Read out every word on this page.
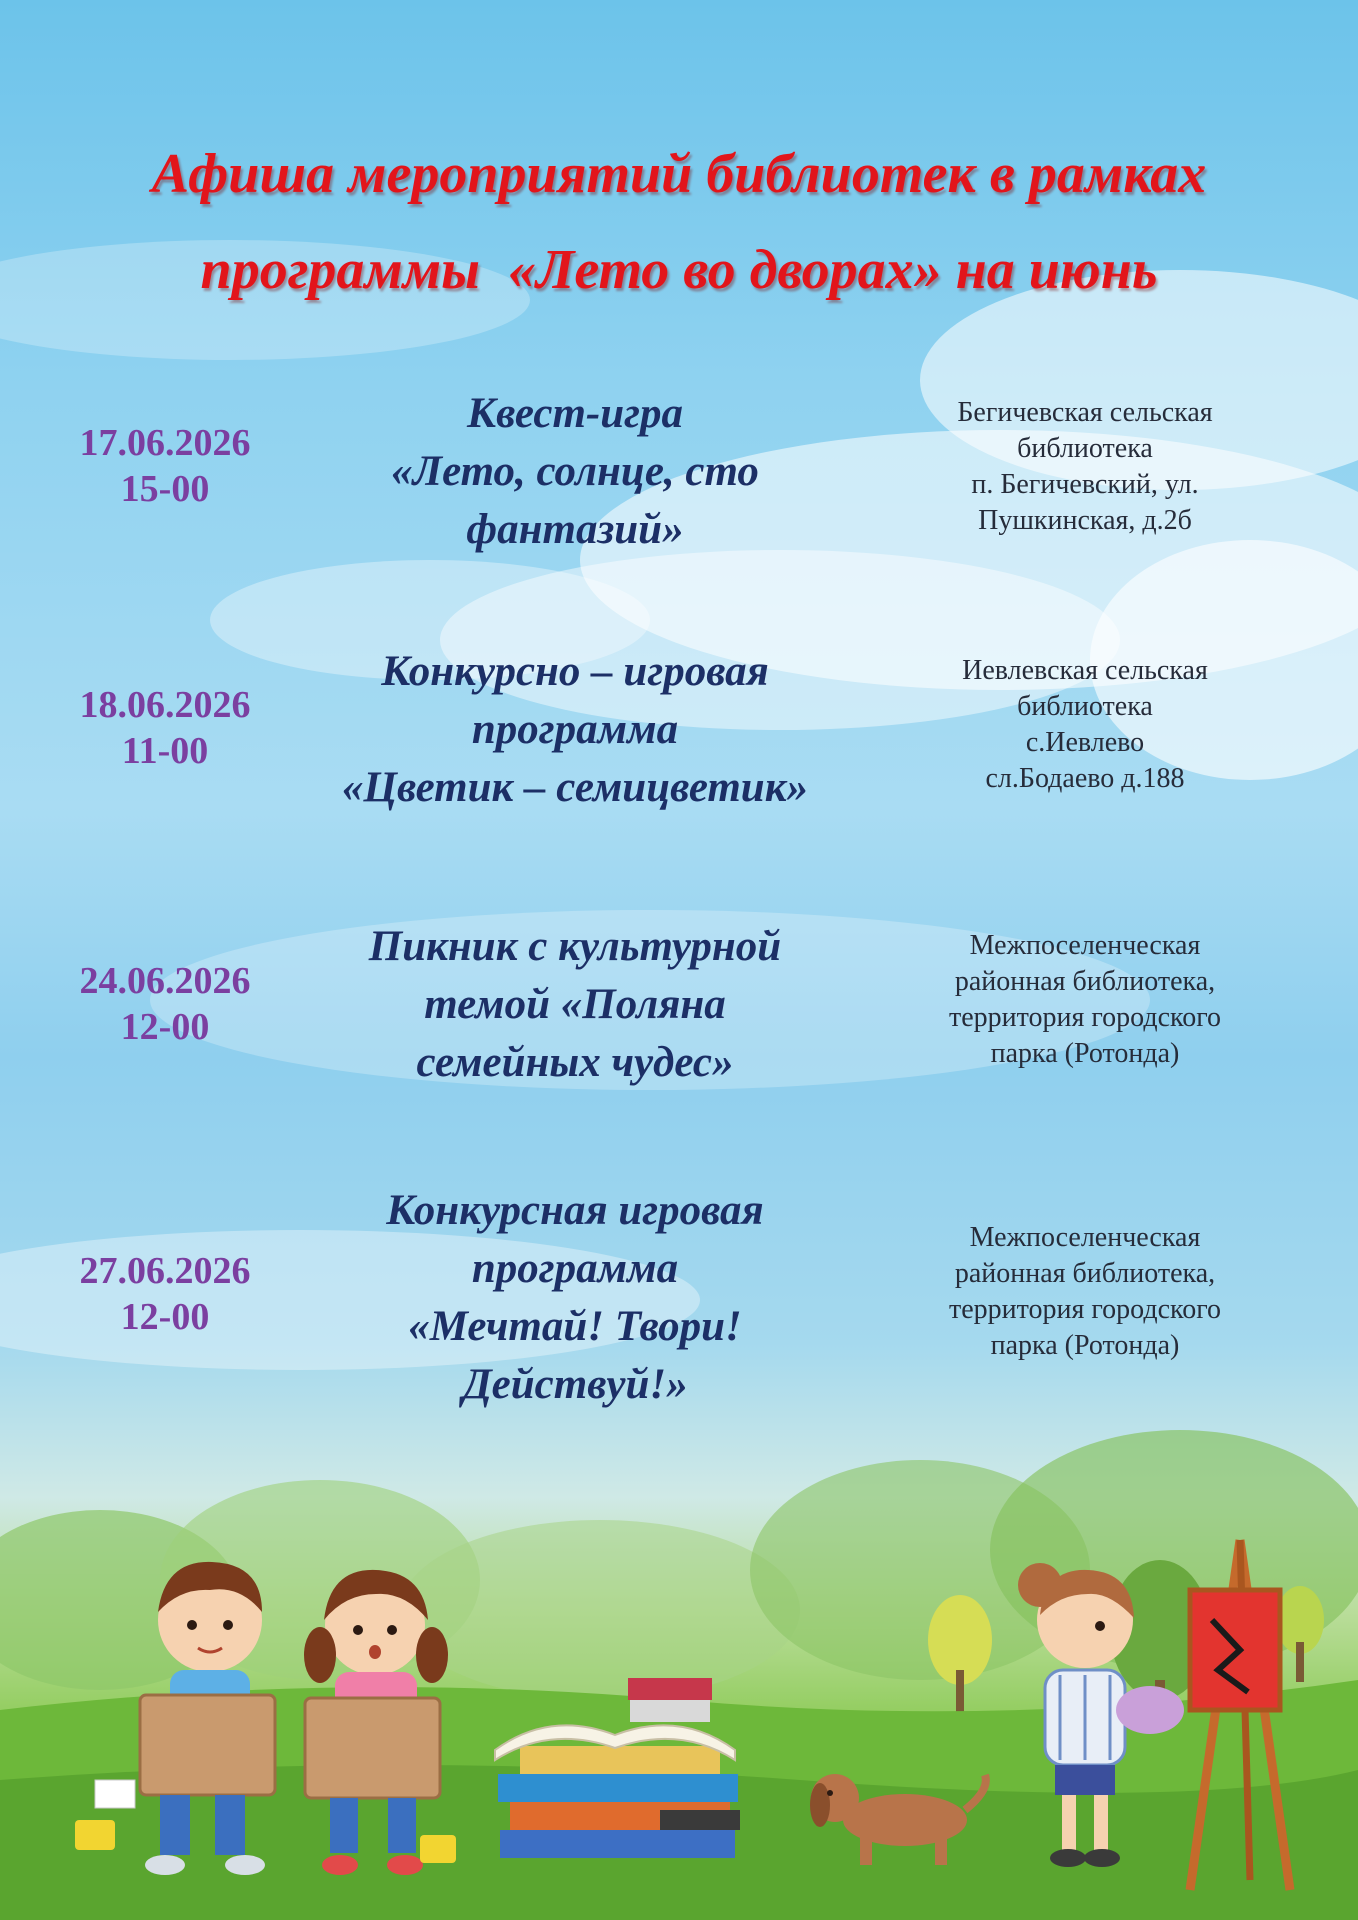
Афиша мероприятий библиотек в рамках
программы  «Лето во дворах» на июнь
17.06.2026
15-00
Квест-игра
«Лето, солнце, сто
фантазий»
Бегичевская сельская
библиотека
п. Бегичевский, ул.
Пушкинская, д.2б
18.06.2026
11-00
Конкурсно – игровая
программа
«Цветик – семицветик»
Иевлевская сельская
библиотека
с.Иевлево
сл.Бодаево д.188
24.06.2026
12-00
Пикник с культурной
темой «Поляна
семейных чудес»
Межпоселенческая
районная библиотека,
территория городского
парка (Ротонда)
27.06.2026
12-00
Конкурсная игровая
программа
«Мечтай! Твори!
Действуй!»
Межпоселенческая
районная библиотека,
территория городского
парка (Ротонда)
